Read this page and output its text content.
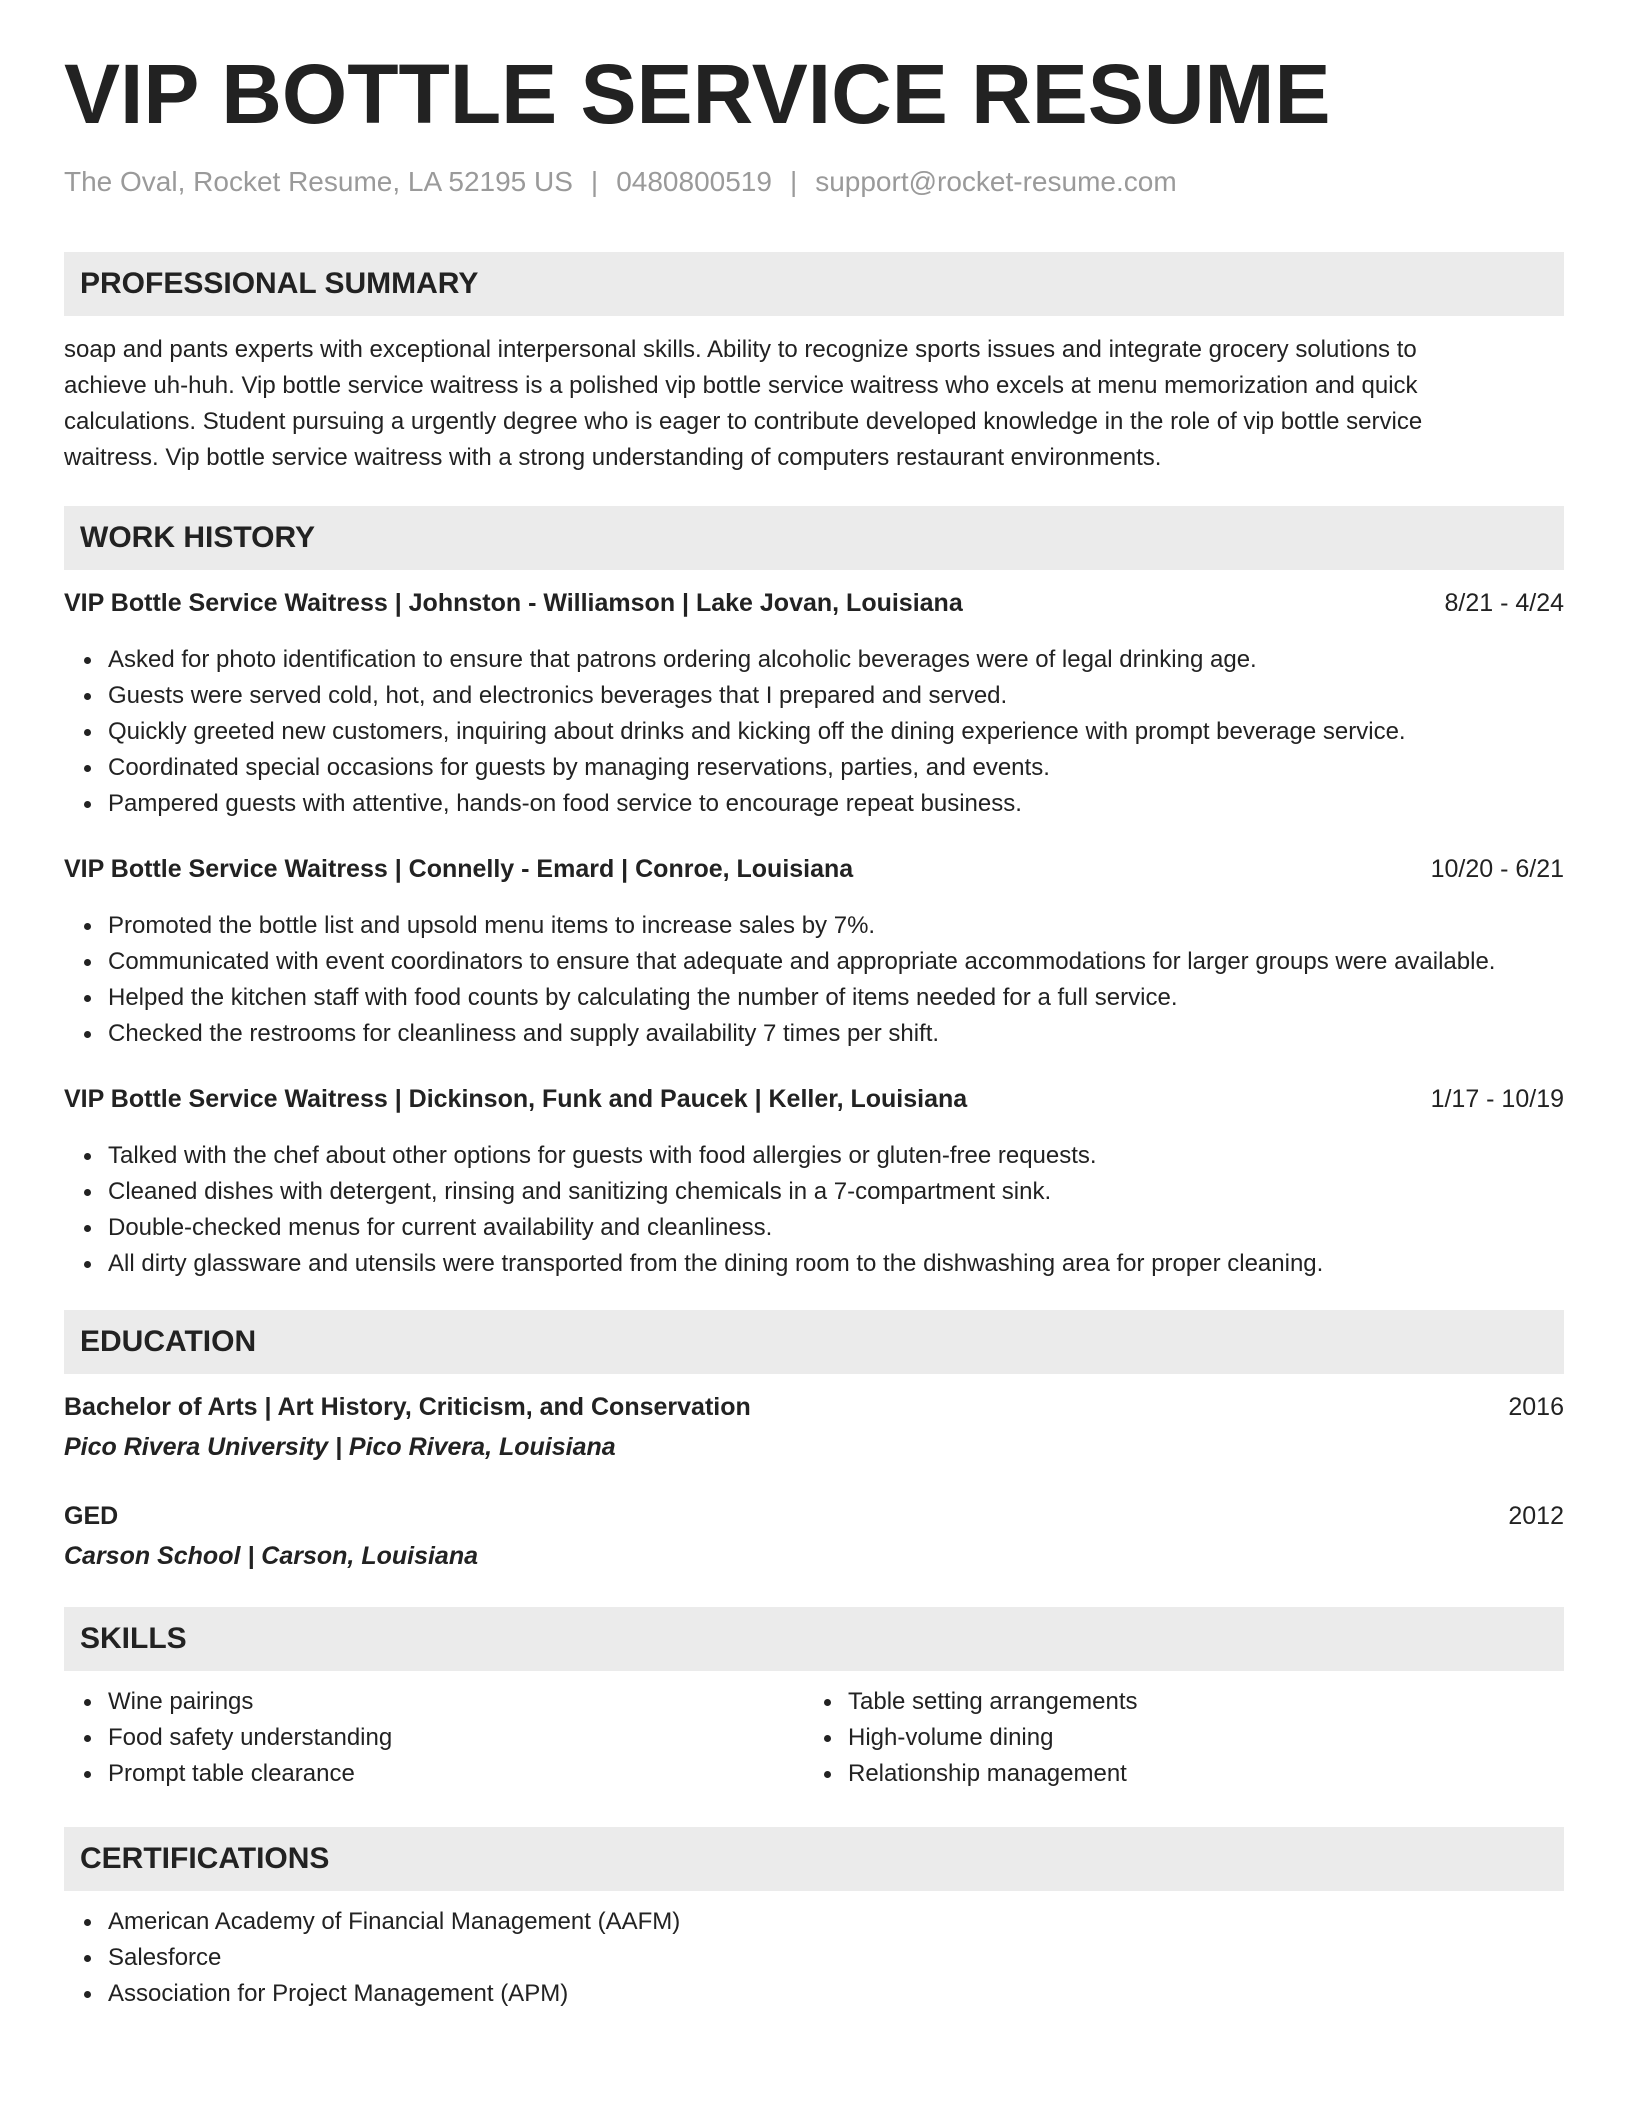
VIP BOTTLE SERVICE RESUME
The Oval, Rocket Resume, LA 52195 US | 0480800519 | support@rocket-resume.com
PROFESSIONAL SUMMARY
soap and pants experts with exceptional interpersonal skills. Ability to recognize sports issues and integrate grocery solutions to
achieve uh-huh. Vip bottle service waitress is a polished vip bottle service waitress who excels at menu memorization and quick
calculations. Student pursuing a urgently degree who is eager to contribute developed knowledge in the role of vip bottle service
waitress. Vip bottle service waitress with a strong understanding of computers restaurant environments.
WORK HISTORY
VIP Bottle Service Waitress | Johnston - Williamson | Lake Jovan, Louisiana	8/21 - 4/24
Asked for photo identification to ensure that patrons ordering alcoholic beverages were of legal drinking age.
Guests were served cold, hot, and electronics beverages that I prepared and served.
Quickly greeted new customers, inquiring about drinks and kicking off the dining experience with prompt beverage service.
Coordinated special occasions for guests by managing reservations, parties, and events.
Pampered guests with attentive, hands-on food service to encourage repeat business.
VIP Bottle Service Waitress | Connelly - Emard | Conroe, Louisiana	10/20 - 6/21
Promoted the bottle list and upsold menu items to increase sales by 7%.
Communicated with event coordinators to ensure that adequate and appropriate accommodations for larger groups were available.
Helped the kitchen staff with food counts by calculating the number of items needed for a full service.
Checked the restrooms for cleanliness and supply availability 7 times per shift.
VIP Bottle Service Waitress | Dickinson, Funk and Paucek | Keller, Louisiana	1/17 - 10/19
Talked with the chef about other options for guests with food allergies or gluten-free requests.
Cleaned dishes with detergent, rinsing and sanitizing chemicals in a 7-compartment sink.
Double-checked menus for current availability and cleanliness.
All dirty glassware and utensils were transported from the dining room to the dishwashing area for proper cleaning.
EDUCATION
Bachelor of Arts | Art History, Criticism, and Conservation	2016
Pico Rivera University | Pico Rivera, Louisiana
GED	2012
Carson School | Carson, Louisiana
SKILLS
Wine pairings
Food safety understanding
Prompt table clearance
Table setting arrangements
High-volume dining
Relationship management
CERTIFICATIONS
American Academy of Financial Management (AAFM)
Salesforce
Association for Project Management (APM)
